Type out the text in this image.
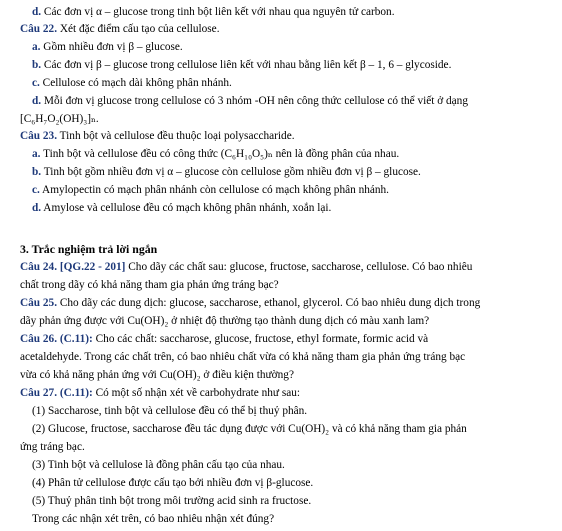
d. Các đơn vị α – glucose trong tinh bột liên kết với nhau qua nguyên tử carbon.
Câu 22. Xét đặc điểm cấu tạo của cellulose.
a. Gồm nhiều đơn vị β – glucose.
b. Các đơn vị β – glucose trong cellulose liên kết với nhau bằng liên kết β – 1, 6 – glycoside.
c. Cellulose có mạch dài không phân nhánh.
d. Mỗi đơn vị glucose trong cellulose có 3 nhóm -OH nên công thức cellulose có thể viết ở dạng
[C₆H₇O₂(OH)₃]ₙ.
Câu 23. Tinh bột và cellulose đều thuộc loại polysaccharide.
a. Tinh bột và cellulose đều có công thức (C₆H₁₀O₅)ₙ nên là đồng phân của nhau.
b. Tinh bột gồm nhiều đơn vị α – glucose còn cellulose gồm nhiều đơn vị β – glucose.
c. Amylopectin có mạch phân nhánh còn cellulose có mạch không phân nhánh.
d. Amylose và cellulose đều có mạch không phân nhánh, xoắn lại.
3. Trắc nghiệm trả lời ngắn
Câu 24. [QG.22 - 201] Cho dãy các chất sau: glucose, fructose, saccharose, cellulose. Có bao nhiêu
chất trong dãy có khả năng tham gia phản ứng tráng bạc?
Câu 25. Cho dãy các dung dịch: glucose, saccharose, ethanol, glycerol. Có bao nhiêu dung dịch trong
dãy phản ứng được với Cu(OH)₂ ở nhiệt độ thường tạo thành dung dịch có màu xanh lam?
Câu 26. (C.11): Cho các chất: saccharose, glucose, fructose, ethyl formate, formic acid và
acetaldehyde. Trong các chất trên, có bao nhiêu chất vừa có khả năng tham gia phản ứng tráng bạc
vừa có khả năng phản ứng với Cu(OH)₂ ở điều kiện thường?
Câu 27. (C.11): Có một số nhận xét về carbohydrate như sau:
(1) Saccharose, tinh bột và cellulose đều có thể bị thuỷ phân.
(2) Glucose, fructose, saccharose đều tác dụng được với Cu(OH)₂ và có khả năng tham gia phản
ứng tráng bạc.
(3) Tinh bột và cellulose là đồng phân cấu tạo của nhau.
(4) Phân tử cellulose được cấu tạo bởi nhiều đơn vị β-glucose.
(5) Thuỷ phân tinh bột trong môi trường acid sinh ra fructose.
Trong các nhận xét trên, có bao nhiêu nhận xét đúng?
